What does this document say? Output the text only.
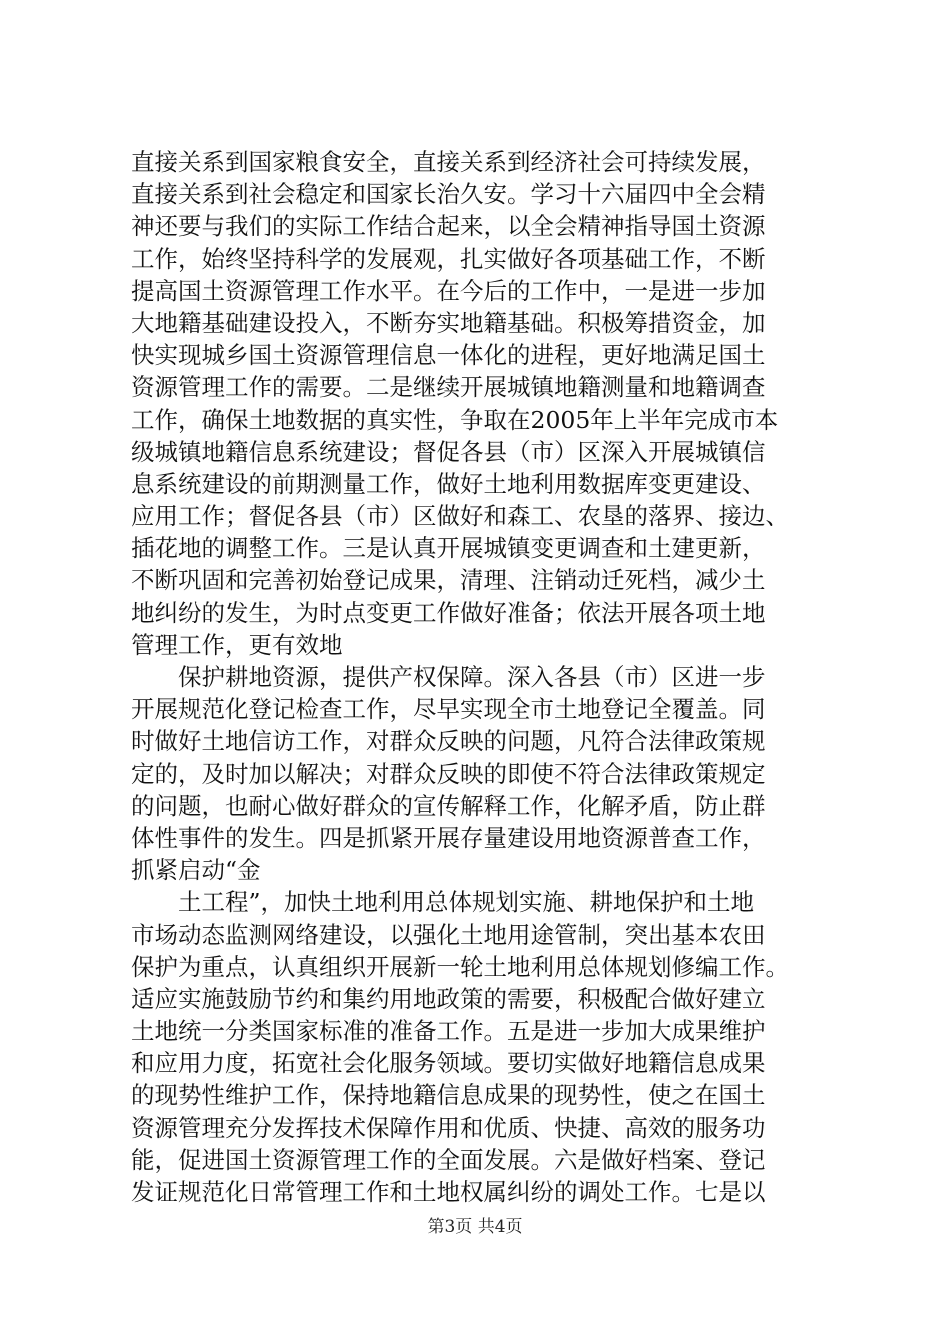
直接关系到国家粮食安全，直接关系到经济社会可持续发展，
直接关系到社会稳定和国家长治久安。学习十六届四中全会精
神还要与我们的实际工作结合起来，以全会精神指导国土资源
工作，始终坚持科学的发展观，扎实做好各项基础工作，不断
提高国土资源管理工作水平。在今后的工作中，一是进一步加
大地籍基础建设投入，不断夯实地籍基础。积极筹措资金，加
快实现城乡国土资源管理信息一体化的进程，更好地满足国土
资源管理工作的需要。二是继续开展城镇地籍测量和地籍调查
工作，确保土地数据的真实性，争取在2005年上半年完成市本
级城镇地籍信息系统建设；督促各县（市）区深入开展城镇信
息系统建设的前期测量工作，做好土地利用数据库变更建设、
应用工作；督促各县（市）区做好和森工、农垦的落界、接边、
插花地的调整工作。三是认真开展城镇变更调查和土建更新，
不断巩固和完善初始登记成果，清理、注销动迁死档，减少土
地纠纷的发生，为时点变更工作做好准备；依法开展各项土地
管理工作，更有效地
保护耕地资源，提供产权保障。深入各县（市）区进一步
开展规范化登记检查工作，尽早实现全市土地登记全覆盖。同
时做好土地信访工作，对群众反映的问题，凡符合法律政策规
定的，及时加以解决；对群众反映的即使不符合法律政策规定
的问题，也耐心做好群众的宣传解释工作，化解矛盾，防止群
体性事件的发生。四是抓紧开展存量建设用地资源普查工作，
抓紧启动“金
土工程”，加快土地利用总体规划实施、耕地保护和土地
市场动态监测网络建设，以强化土地用途管制，突出基本农田
保护为重点，认真组织开展新一轮土地利用总体规划修编工作。
适应实施鼓励节约和集约用地政策的需要，积极配合做好建立
土地统一分类国家标准的准备工作。五是进一步加大成果维护
和应用力度，拓宽社会化服务领域。要切实做好地籍信息成果
的现势性维护工作，保持地籍信息成果的现势性，使之在国土
资源管理充分发挥技术保障作用和优质、快捷、高效的服务功
能，促进国土资源管理工作的全面发展。六是做好档案、登记
发证规范化日常管理工作和土地权属纠纷的调处工作。七是以
第3页 共4页
